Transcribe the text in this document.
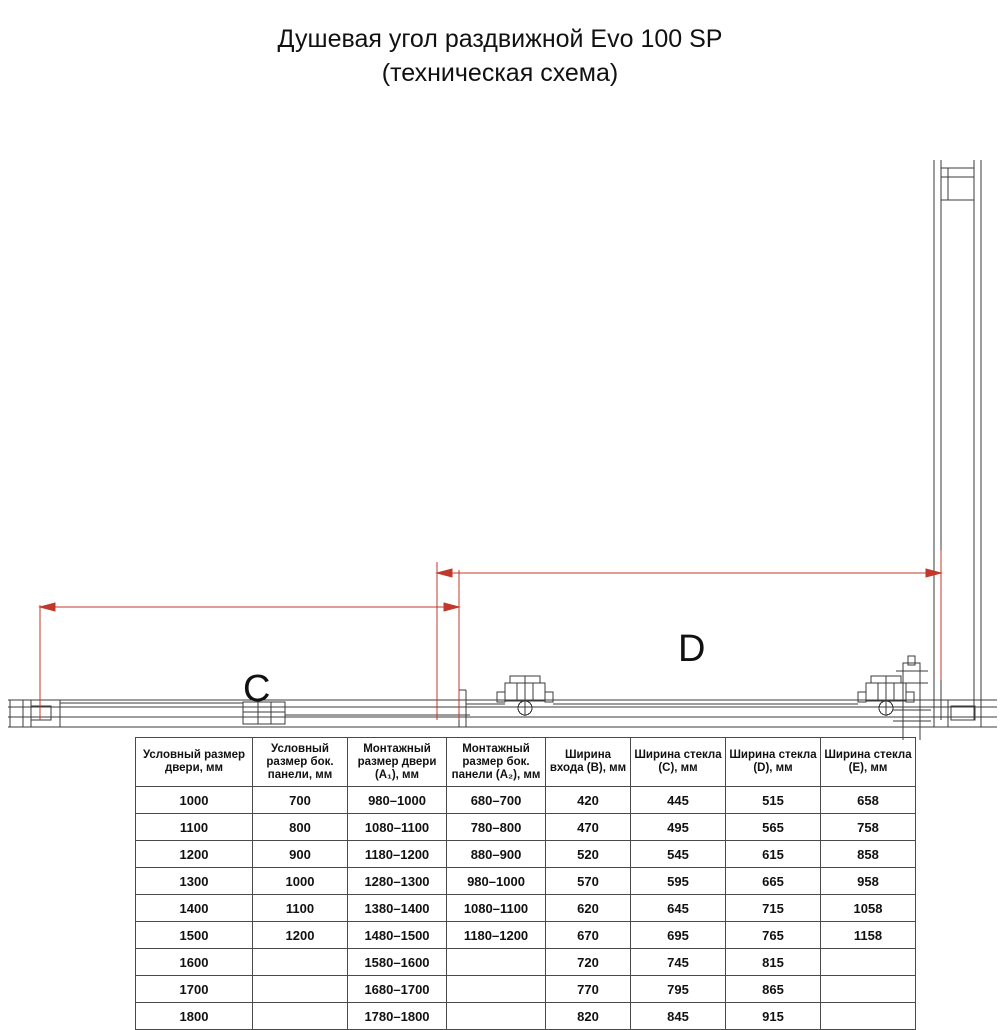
Душевая угол раздвижной Evo 100 SP
(техническая схема)
C
D
Условный размер двери, мм	Условный размер бок. панели, мм	Монтажный размер двери (A₁), мм	Монтажный размер бок. панели (A₂), мм	Ширина входа (B), мм	Ширина стекла (C), мм	Ширина стекла (D), мм	Ширина стекла (E), мм
1000	700	980–1000	680–700	420	445	515	658
1100	800	1080–1100	780–800	470	495	565	758
1200	900	1180–1200	880–900	520	545	615	858
1300	1000	1280–1300	980–1000	570	595	665	958
1400	1100	1380–1400	1080–1100	620	645	715	1058
1500	1200	1480–1500	1180–1200	670	695	765	1158
1600		1580–1600		720	745	815	
1700		1680–1700		770	795	865	
1800		1780–1800		820	845	915	
